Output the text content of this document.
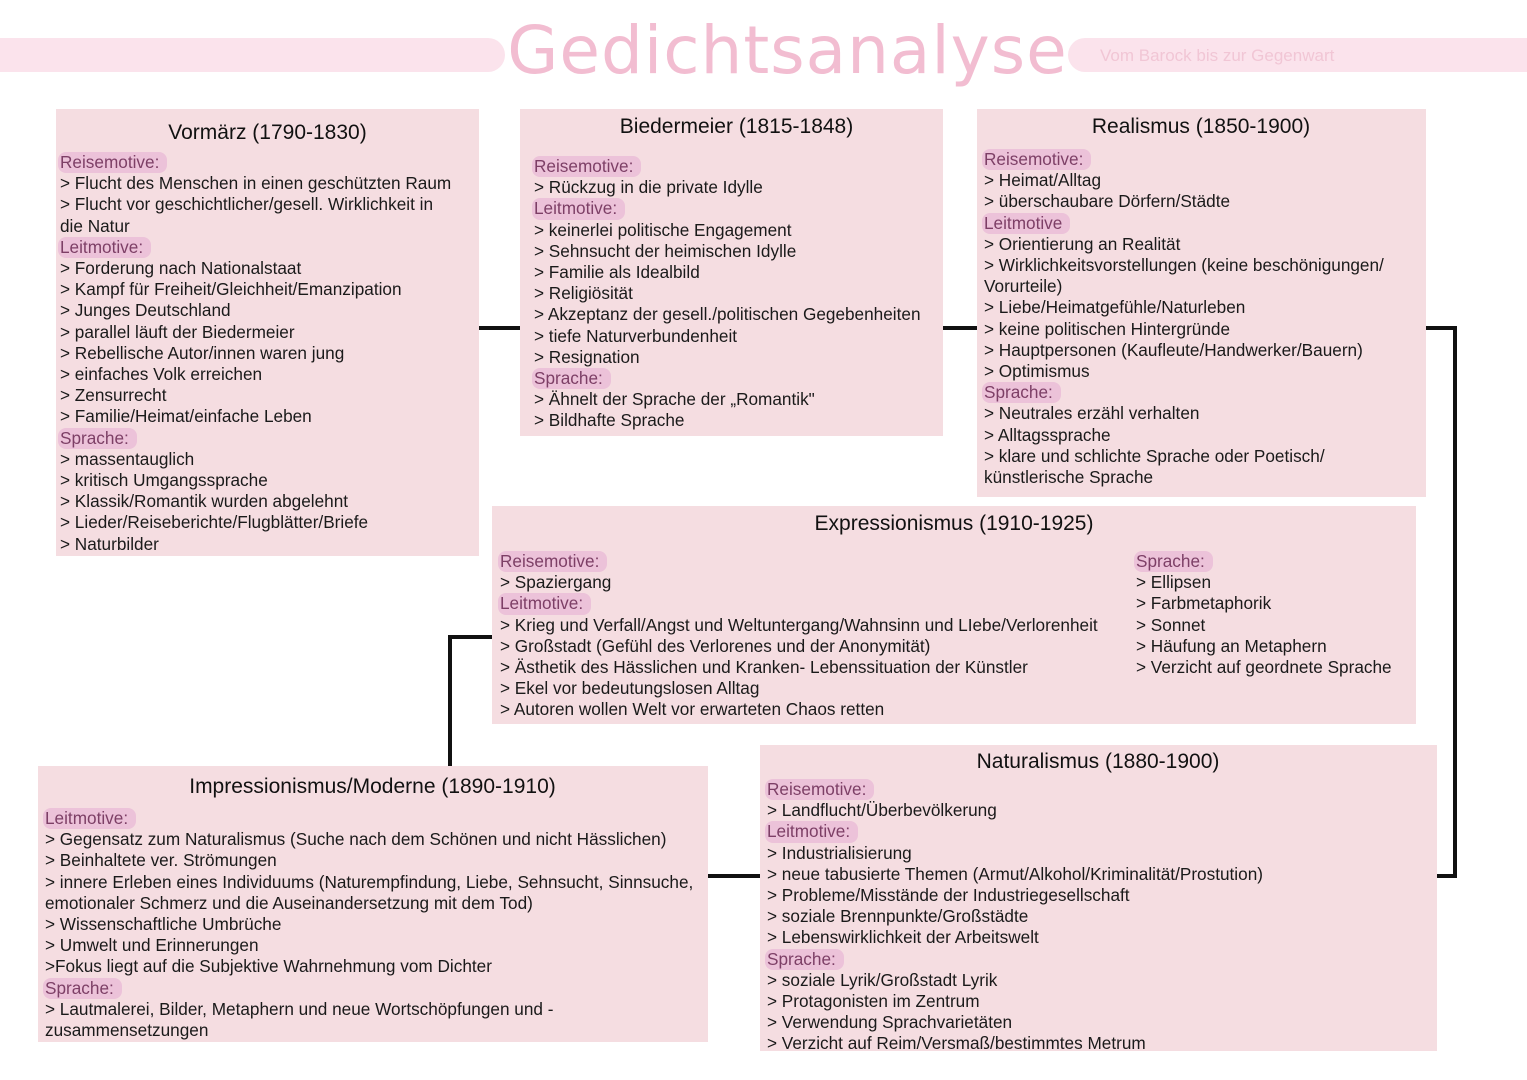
Gedichtsanalyse Vom Barock bis zur Gegenwart
Vormärz (1790-1830)
Reisemotive:
> Flucht des Menschen in einen geschützten Raum
> Flucht vor geschichtlicher/gesell. Wirklichkeit in
die Natur
Leitmotive:
> Forderung nach Nationalstaat
> Kampf für Freiheit/Gleichheit/Emanzipation
> Junges Deutschland
> parallel läuft der Biedermeier
> Rebellische Autor/innen waren jung
> einfaches Volk erreichen
> Zensurrecht
> Familie/Heimat/einfache Leben
Sprache:
> massentauglich
> kritisch Umgangssprache
> Klassik/Romantik wurden abgelehnt
> Lieder/Reiseberichte/Flugblätter/Briefe
> Naturbilder
Biedermeier (1815-1848)
Reisemotive:
> Rückzug in die private Idylle
Leitmotive:
> keinerlei politische Engagement
> Sehnsucht der heimischen Idylle
> Familie als Idealbild
> Religiösität
> Akzeptanz der gesell./politischen Gegebenheiten
> tiefe Naturverbundenheit
> Resignation
Sprache:
> Ähnelt der Sprache der „Romantik"
> Bildhafte Sprache
Realismus (1850-1900)
Reisemotive:
> Heimat/Alltag
> überschaubare Dörfern/Städte
Leitmotive
> Orientierung an Realität
> Wirklichkeitsvorstellungen (keine beschönigungen/
Vorurteile)
> Liebe/Heimatgefühle/Naturleben
> keine politischen Hintergründe
> Hauptpersonen (Kaufleute/Handwerker/Bauern)
> Optimismus
Sprache:
> Neutrales erzähl verhalten
> Alltagssprache
> klare und schlichte Sprache oder Poetisch/
künstlerische Sprache
Expressionismus (1910-1925)
Reisemotive:
> Spaziergang
Leitmotive:
> Krieg und Verfall/Angst und Weltuntergang/Wahnsinn und LIebe/Verlorenheit
> Großstadt (Gefühl des Verlorenes und der Anonymität)
> Ästhetik des Hässlichen und Kranken- Lebenssituation der Künstler
> Ekel vor bedeutungslosen Alltag
> Autoren wollen Welt vor erwarteten Chaos retten
Sprache:
> Ellipsen
> Farbmetaphorik
> Sonnet
> Häufung an Metaphern
> Verzicht auf geordnete Sprache
Impressionismus/Moderne (1890-1910)
Leitmotive:
> Gegensatz zum Naturalismus (Suche nach dem Schönen und nicht Hässlichen)
> Beinhaltete ver. Strömungen
> innere Erleben eines Individuums (Naturempfindung, Liebe, Sehnsucht, Sinnsuche,
emotionaler Schmerz und die Auseinandersetzung mit dem Tod)
> Wissenschaftliche Umbrüche
> Umwelt und Erinnerungen
>Fokus liegt auf die Subjektive Wahrnehmung vom Dichter
Sprache:
> Lautmalerei, Bilder, Metaphern und neue Wortschöpfungen und -
zusammensetzungen
Naturalismus (1880-1900)
Reisemotive:
> Landflucht/Überbevölkerung
Leitmotive:
> Industrialisierung
> neue tabusierte Themen (Armut/Alkohol/Kriminalität/Prostution)
> Probleme/Misstände der Industriegesellschaft
> soziale Brennpunkte/Großstädte
> Lebenswirklichkeit der Arbeitswelt
Sprache:
> soziale Lyrik/Großstadt Lyrik
> Protagonisten im Zentrum
> Verwendung Sprachvarietäten
> Verzicht auf Reim/Versmaß/bestimmtes Metrum
